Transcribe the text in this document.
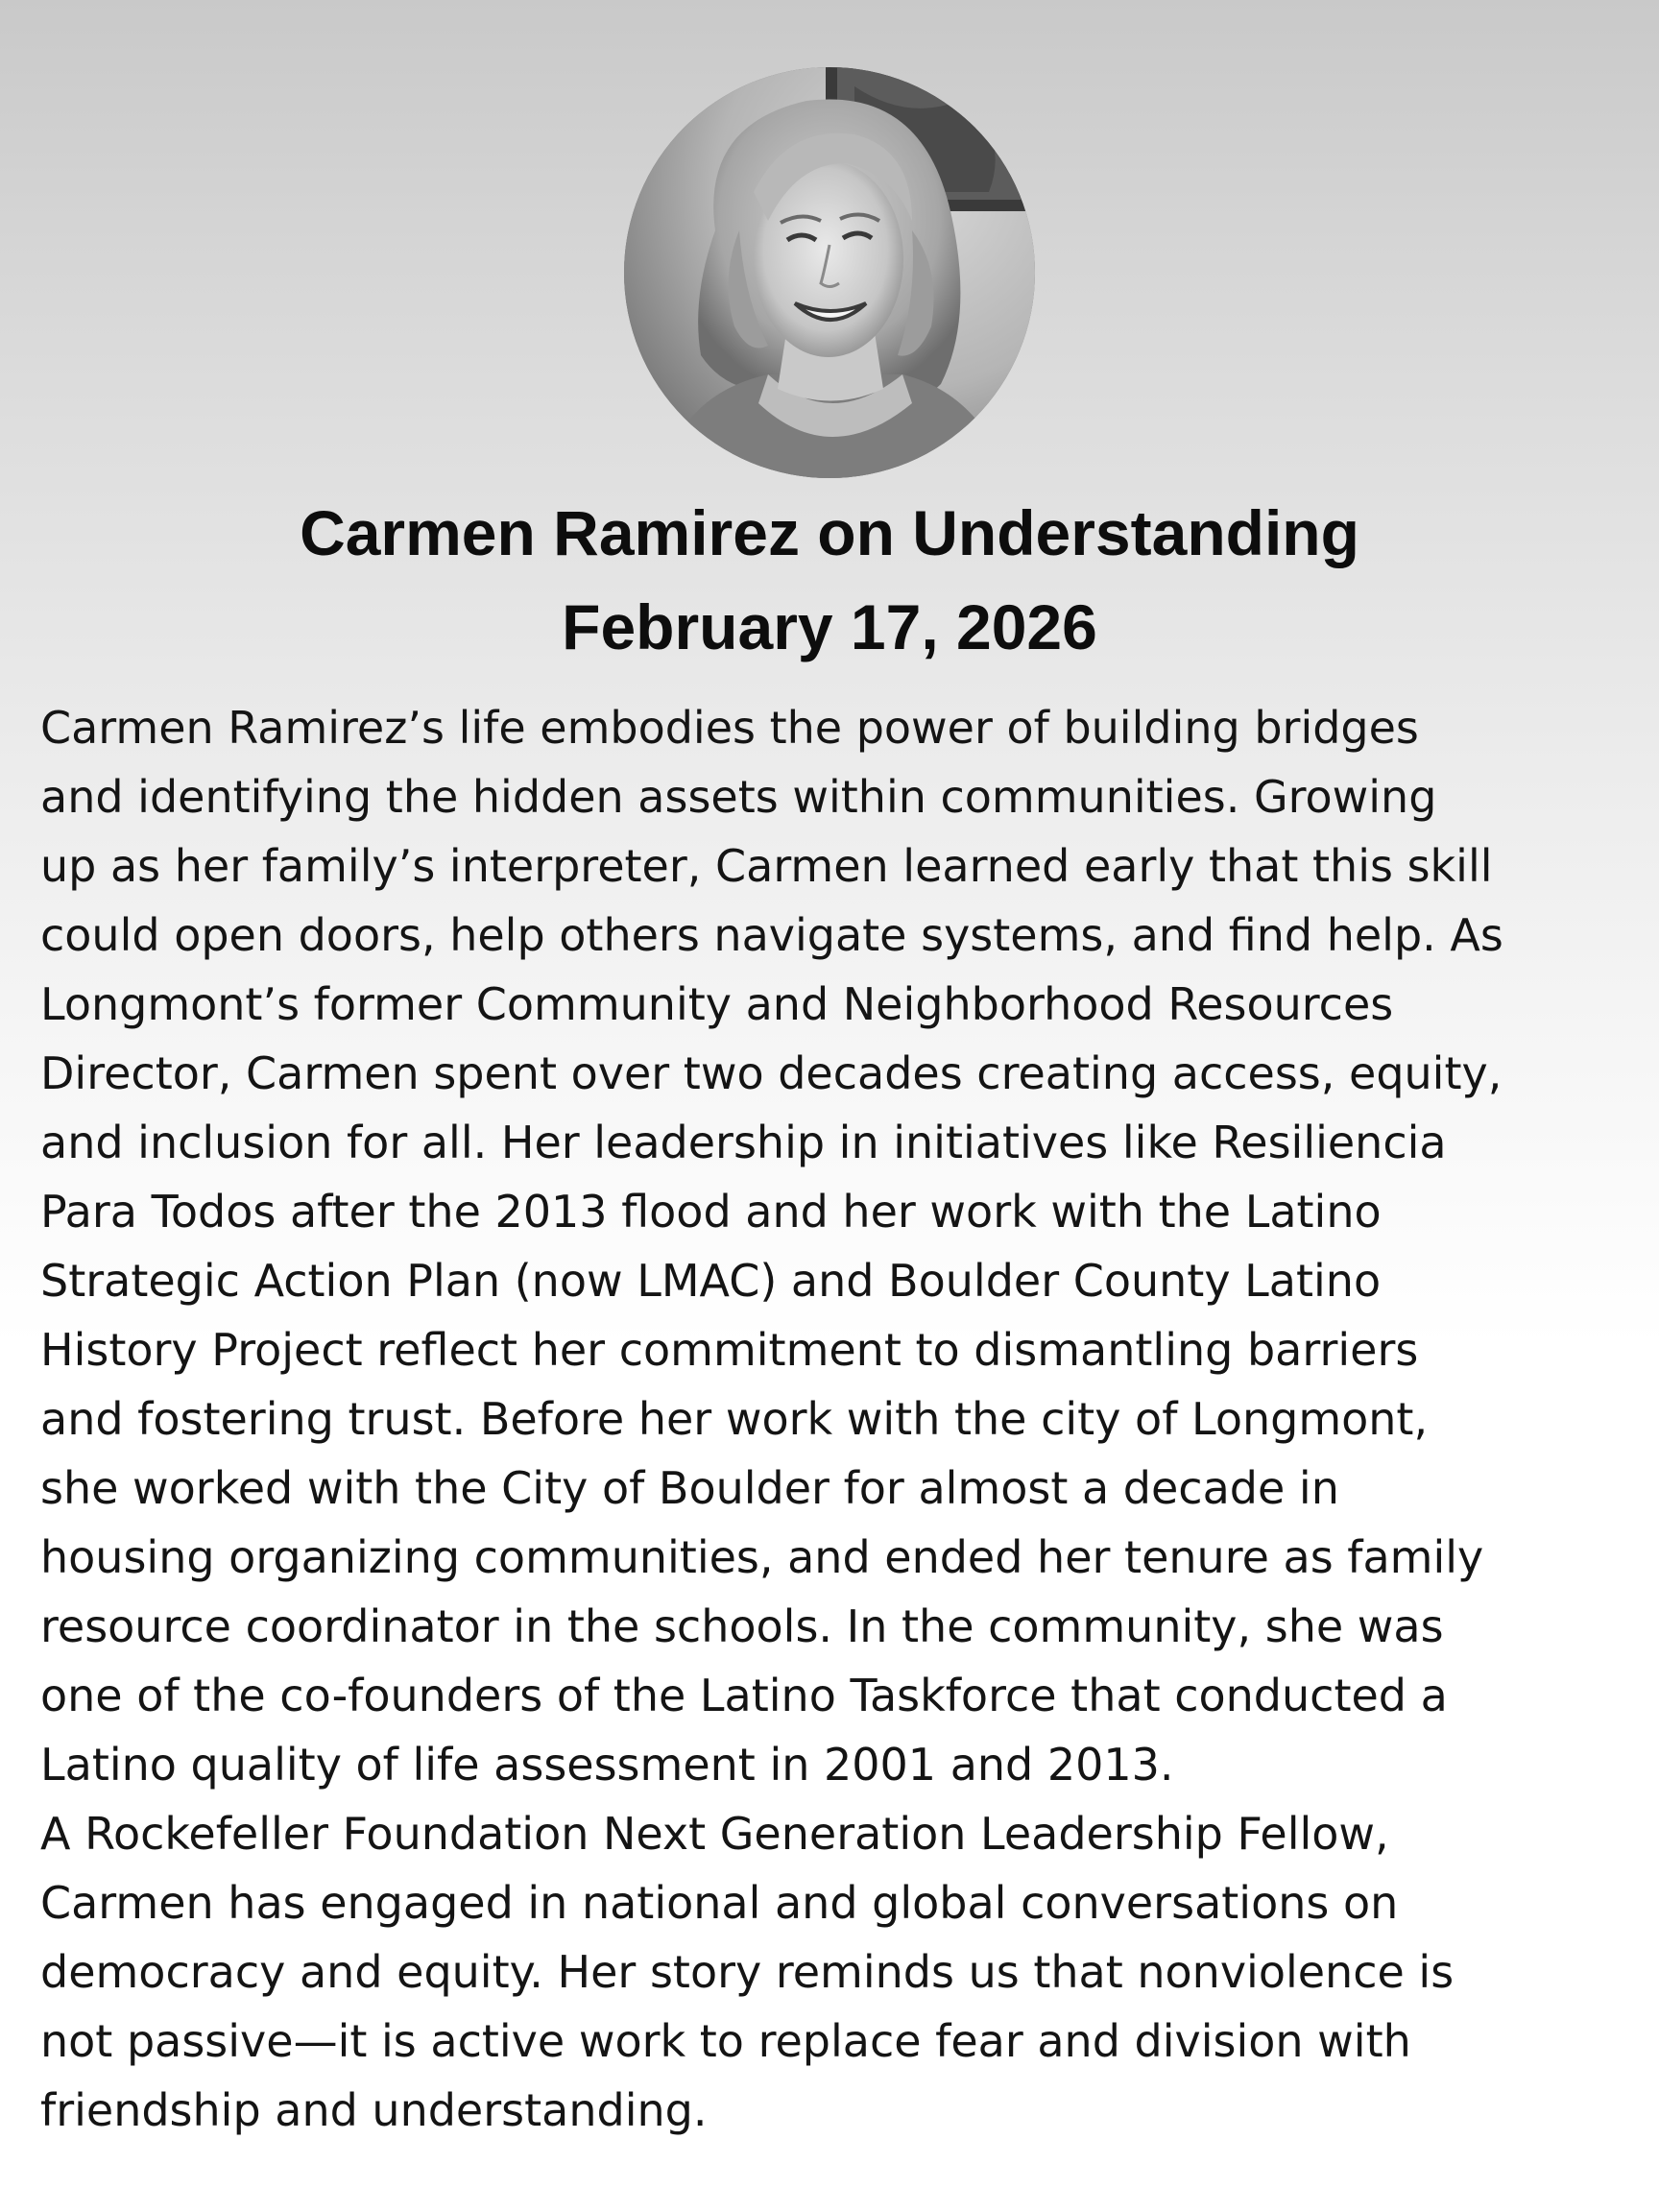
Carmen Ramirez on Understanding
February 17, 2026
Carmen Ramirez’s life embodies the power of building bridges
and identifying the hidden assets within communities. Growing
up as her family’s interpreter, Carmen learned early that this skill
could open doors, help others navigate systems, and find help. As
Longmont’s former Community and Neighborhood Resources
Director, Carmen spent over two decades creating access, equity,
and inclusion for all. Her leadership in initiatives like Resiliencia
Para Todos after the 2013 flood and her work with the Latino
Strategic Action Plan (now LMAC) and Boulder County Latino
History Project reflect her commitment to dismantling barriers
and fostering trust. Before her work with the city of Longmont,
she worked with the City of Boulder for almost a decade in
housing organizing communities, and ended her tenure as family
resource coordinator in the schools. In the community, she was
one of the co-founders of the Latino Taskforce that conducted a
Latino quality of life assessment in 2001 and 2013.
A Rockefeller Foundation Next Generation Leadership Fellow,
Carmen has engaged in national and global conversations on
democracy and equity. Her story reminds us that nonviolence is
not passive—it is active work to replace fear and division with
friendship and understanding.
